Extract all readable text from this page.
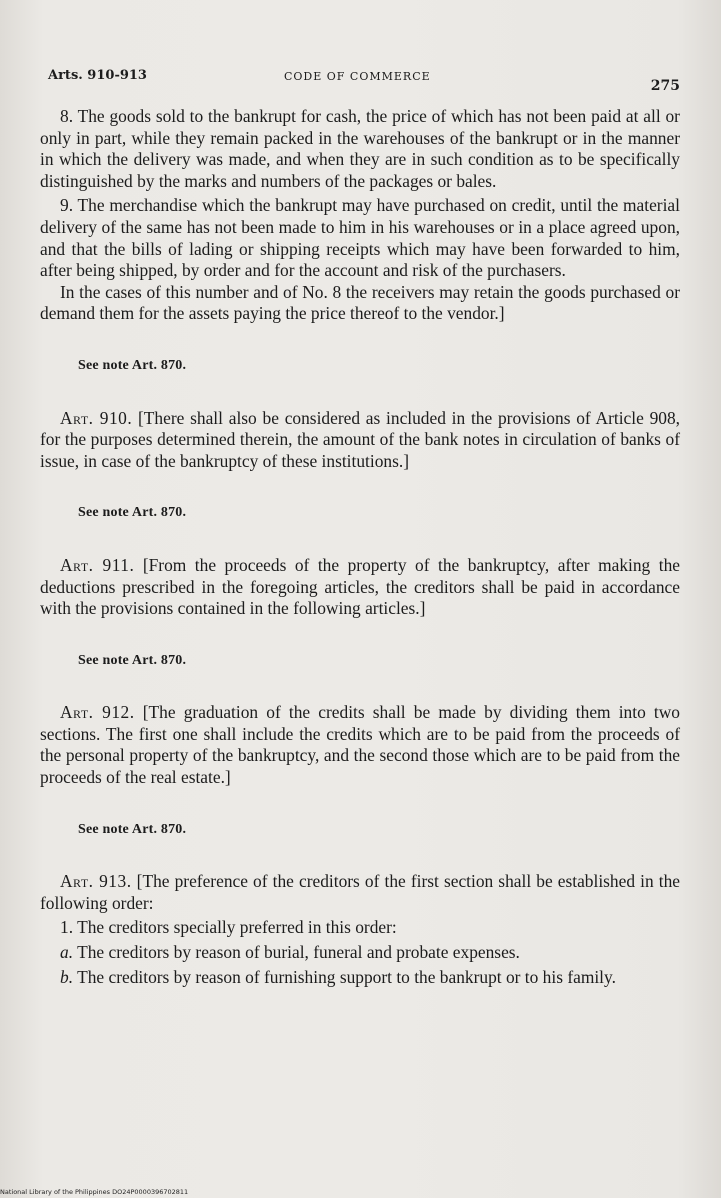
Arts. 910-913	CODE OF COMMERCE
275

8. The goods sold to the bankrupt for cash, the price of which has not been paid at all or only in part, while they remain packed in the warehouses of the bankrupt or in the manner in which the delivery was made, and when they are in such condition as to be specifically distinguished by the marks and numbers of the packages or bales.

9. The merchandise which the bankrupt may have purchased on credit, until the material delivery of the same has not been made to him in his warehouses or in a place agreed upon, and that the bills of lading or shipping receipts which may have been forwarded to him, after being shipped, by order and for the account and risk of the purchasers.

In the cases of this number and of No. 8 the receivers may retain the goods purchased or demand them for the assets paying the price thereof to the vendor.]

See note Art. 870.

Art. 910. [There shall also be considered as included in the provisions of Article 908, for the purposes determined therein, the amount of the bank notes in circulation of banks of issue, in case of the bankruptcy of these institutions.]

See note Art. 870.

Art. 911. [From the proceeds of the property of the bankruptcy, after making the deductions prescribed in the foregoing articles, the creditors shall be paid in accordance with the provisions contained in the following articles.]

See note Art. 870.

Art. 912. [The graduation of the credits shall be made by dividing them into two sections. The first one shall include the credits which are to be paid from the proceeds of the personal property of the bankruptcy, and the second those which are to be paid from the proceeds of the real estate.]

See note Art. 870.

Art. 913. [The preference of the creditors of the first section shall be established in the following order:

1. The creditors specially preferred in this order:

a. The creditors by reason of burial, funeral and probate expenses.

b. The creditors by reason of furnishing support to the bankrupt or to his family.

National Library of the Philippines DO24P0000396702811
